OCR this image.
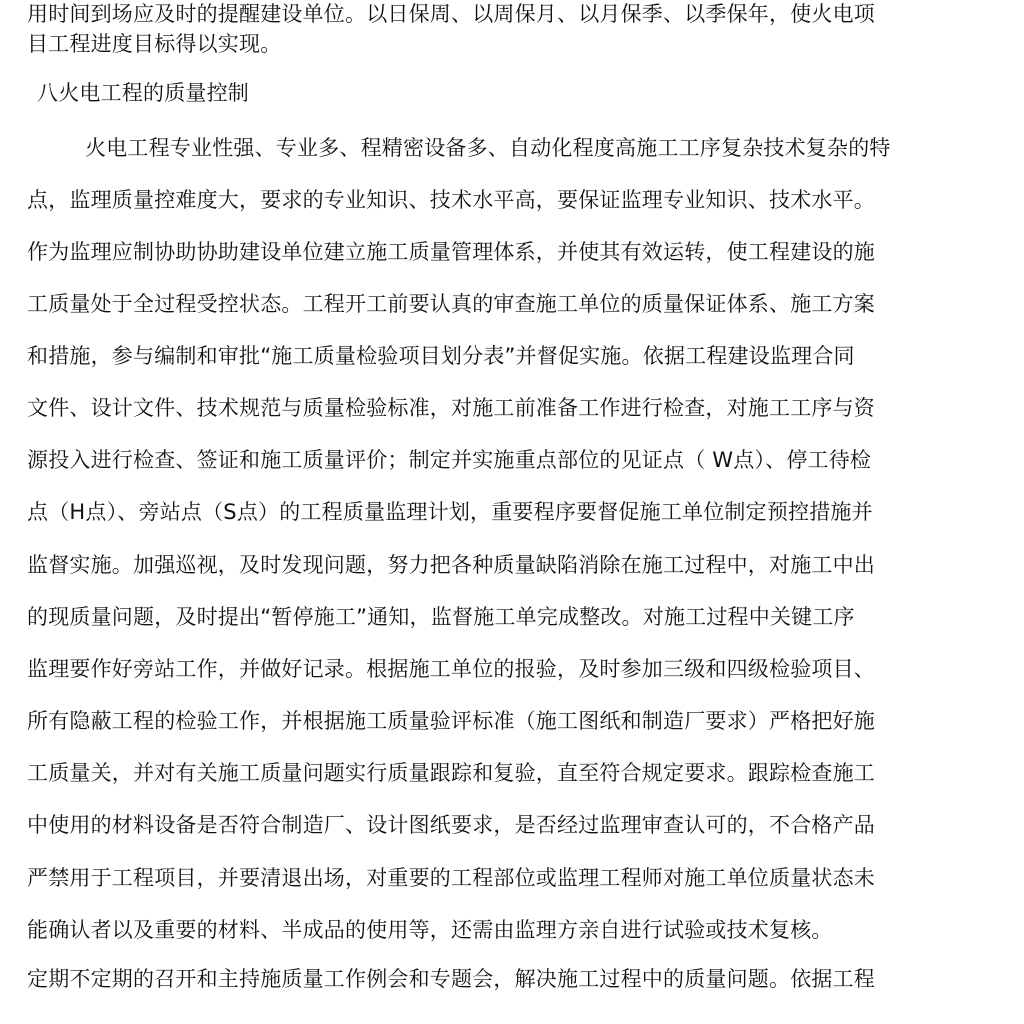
用时间到场应及时的提醒建设单位。以日保周、以周保月、以月保季、以季保年，使火电项
目工程进度目标得以实现。
八火电工程的质量控制
火电工程专业性强、专业多、程精密设备多、自动化程度高施工工序复杂技术复杂的特
点，监理质量控难度大，要求的专业知识、技术水平高，要保证监理专业知识、技术水平。
作为监理应制协助协助建设单位建立施工质量管理体系，并使其有效运转，使工程建设的施
工质量处于全过程受控状态。工程开工前要认真的审查施工单位的质量保证体系、施工方案
和措施，参与编制和审批“施工质量检验项目划分表”并督促实施。依据工程建设监理合同
文件、设计文件、技术规范与质量检验标准，对施工前准备工作进行检查，对施工工序与资
源投入进行检查、签证和施工质量评价；制定并实施重点部位的见证点（ W点）、停工待检
点（H点）、旁站点（S点）的工程质量监理计划，重要程序要督促施工单位制定预控措施并
监督实施。加强巡视，及时发现问题，努力把各种质量缺陷消除在施工过程中，对施工中出
的现质量问题，及时提出“暂停施工”通知，监督施工单完成整改。对施工过程中关键工序
监理要作好旁站工作，并做好记录。根据施工单位的报验，及时参加三级和四级检验项目、
所有隐蔽工程的检验工作，并根据施工质量验评标准（施工图纸和制造厂要求）严格把好施
工质量关，并对有关施工质量问题实行质量跟踪和复验，直至符合规定要求。跟踪检查施工
中使用的材料设备是否符合制造厂、设计图纸要求，是否经过监理审查认可的，不合格产品
严禁用于工程项目，并要清退出场，对重要的工程部位或监理工程师对施工单位质量状态未
能确认者以及重要的材料、半成品的使用等，还需由监理方亲自进行试验或技术复核。
定期不定期的召开和主持施质量工作例会和专题会，解决施工过程中的质量问题。依据工程
